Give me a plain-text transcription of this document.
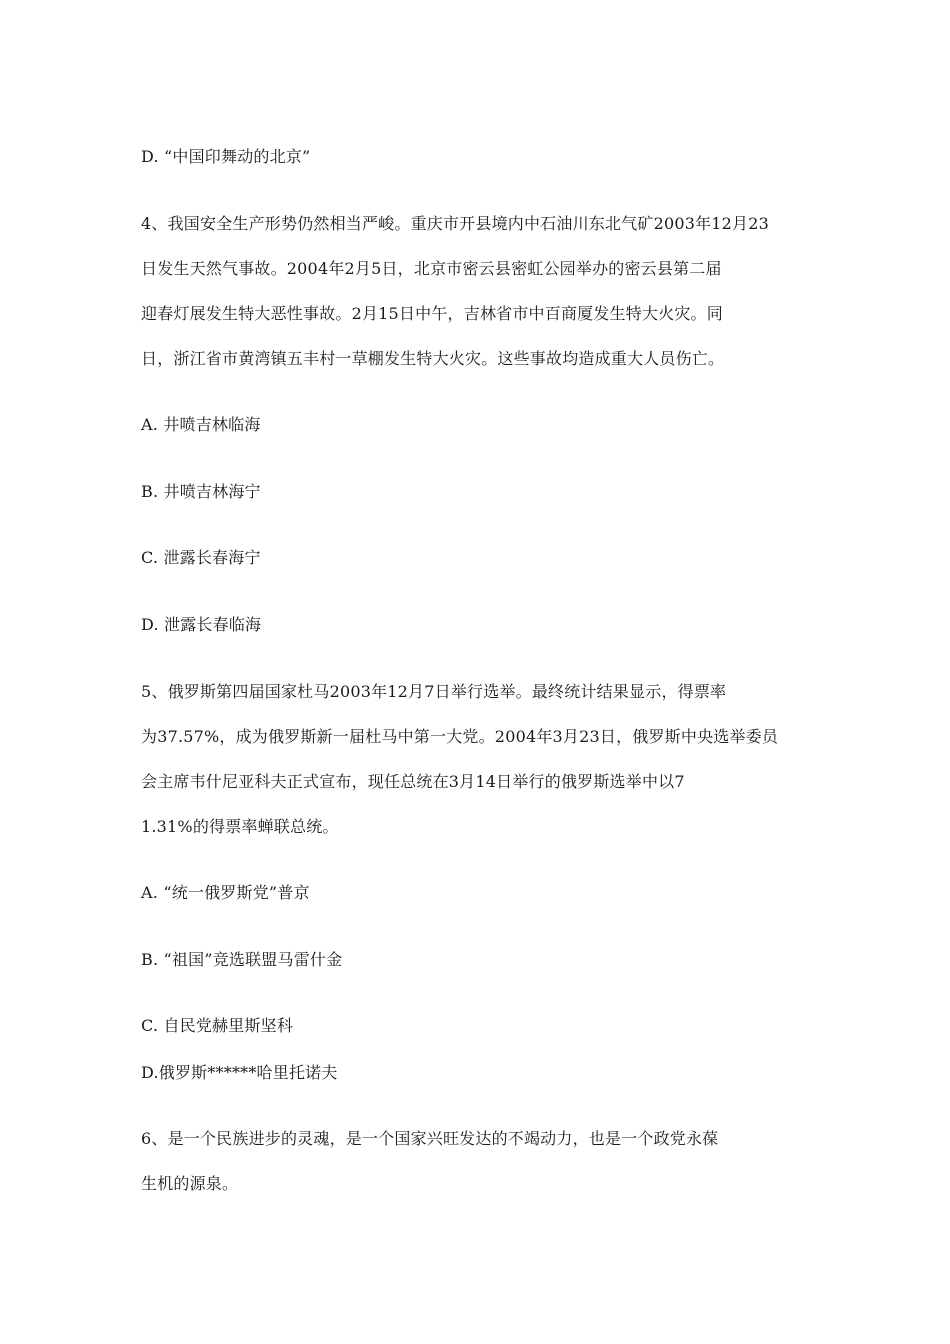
D. “中国印舞动的北京”
4、我国安全生产形势仍然相当严峻。重庆市开县境内中石油川东北气矿2003年12月23
日发生天然气事故。2004年2月5日，北京市密云县密虹公园举办的密云县第二届
迎春灯展发生特大恶性事故。2月15日中午，吉林省市中百商厦发生特大火灾。同
日，浙江省市黄湾镇五丰村一草棚发生特大火灾。这些事故均造成重大人员伤亡。
A. 井喷吉林临海
B. 井喷吉林海宁
C. 泄露长春海宁
D. 泄露长春临海
5、俄罗斯第四届国家杜马2003年12月7日举行选举。最终统计结果显示，得票率
为37.57%，成为俄罗斯新一届杜马中第一大党。2004年3月23日，俄罗斯中央选举委员
会主席韦什尼亚科夫正式宣布，现任总统在3月14日举行的俄罗斯选举中以7
1.31%的得票率蝉联总统。
A. “统一俄罗斯党”普京
B. “祖国”竞选联盟马雷什金
C. 自民党赫里斯坚科
D.俄罗斯******哈里托诺夫
6、是一个民族进步的灵魂，是一个国家兴旺发达的不竭动力，也是一个政党永葆
生机的源泉。
